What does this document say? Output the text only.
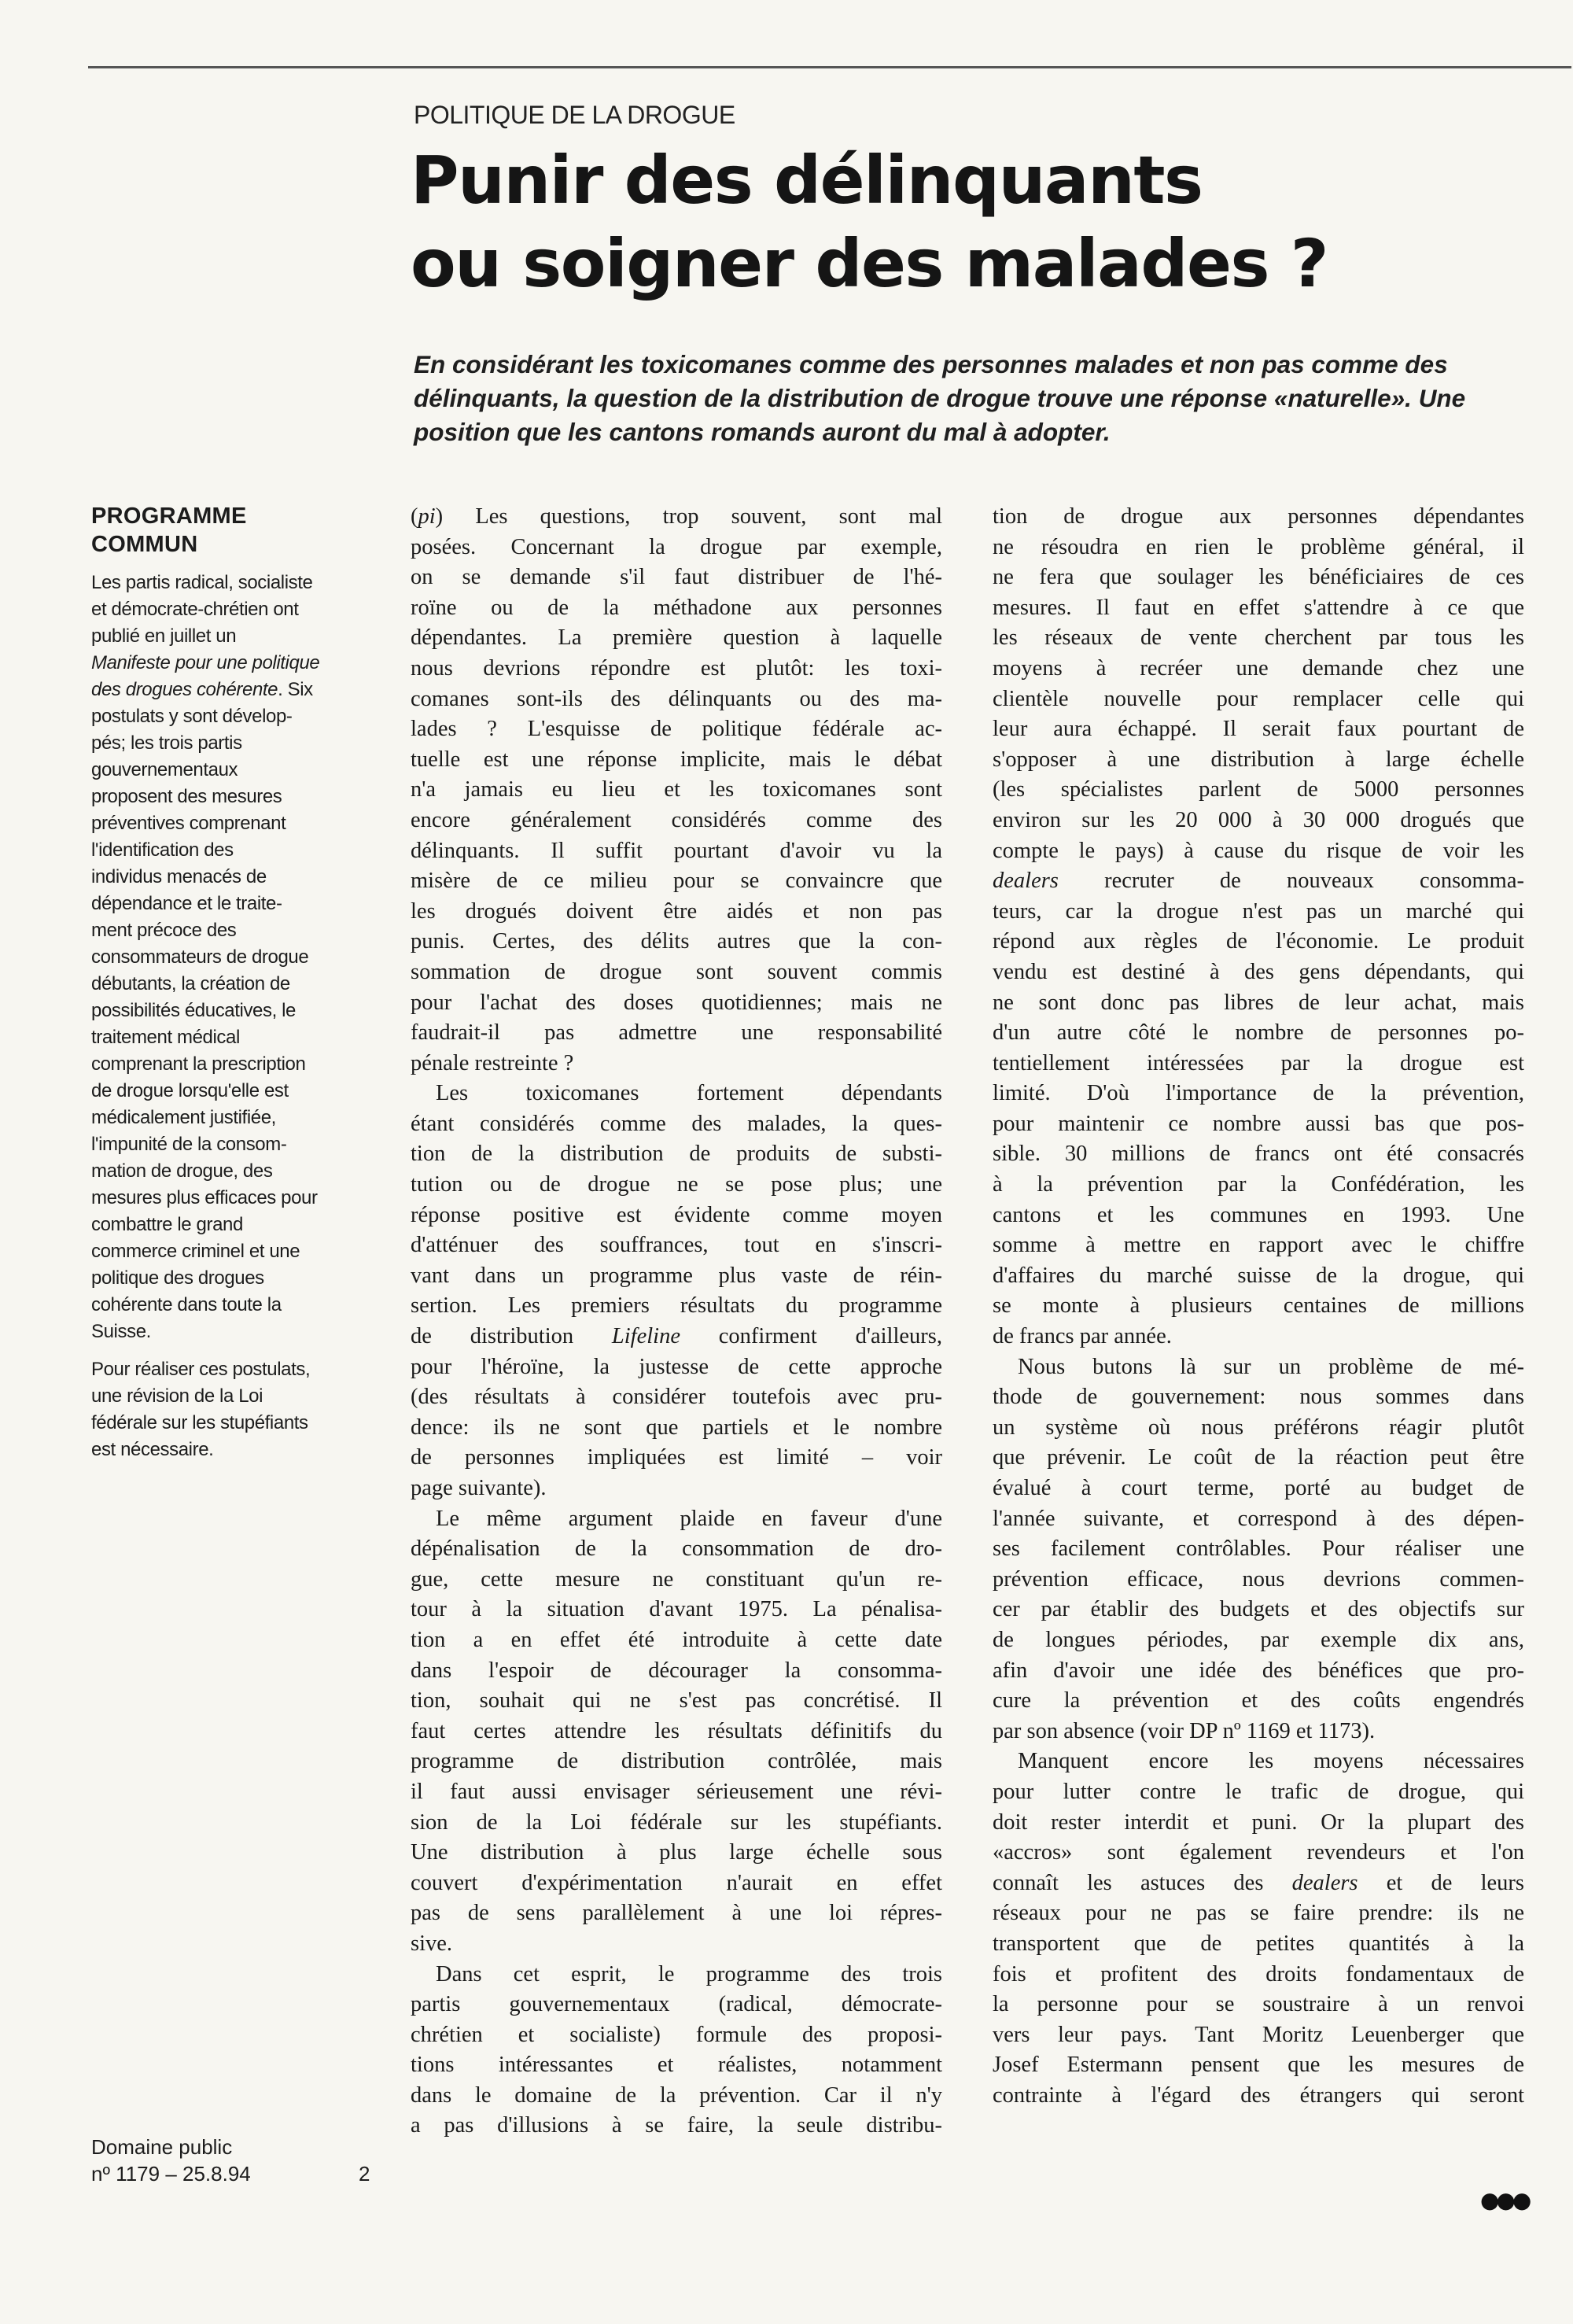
POLITIQUE DE LA DROGUE
Punir des délinquants
ou soigner des malades ?

En considérant les toxicomanes comme des personnes malades et non pas comme des
délinquants, la question de la distribution de drogue trouve une réponse «naturelle». Une
position que les cantons romands auront du mal à adopter.

PROGRAMME
COMMUN

Les partis radical, socialiste
et démocrate-chrétien ont
publié en juillet un
Manifeste pour une politique
des drogues cohérente. Six
postulats y sont dévelop-
pés; les trois partis
gouvernementaux
proposent des mesures
préventives comprenant
l'identification des
individus menacés de
dépendance et le traite-
ment précoce des
consommateurs de drogue
débutants, la création de
possibilités éducatives, le
traitement médical
comprenant la prescription
de drogue lorsqu'elle est
médicalement justifiée,
l'impunité de la consom-
mation de drogue, des
mesures plus efficaces pour
combattre le grand
commerce criminel et une
politique des drogues
cohérente dans toute la
Suisse.

Pour réaliser ces postulats,
une révision de la Loi
fédérale sur les stupéfiants
est nécessaire.

Domaine public
nº 1179 – 25.8.94	2
(pi) Les questions, trop souvent, sont mal
posées. Concernant la drogue par exemple,
on se demande s'il faut distribuer de l'hé-
roïne ou de la méthadone aux personnes
dépendantes. La première question à laquelle
nous devrions répondre est plutôt: les toxi-
comanes sont-ils des délinquants ou des ma-
lades ? L'esquisse de politique fédérale ac-
tuelle est une réponse implicite, mais le débat
n'a jamais eu lieu et les toxicomanes sont
encore généralement considérés comme des
délinquants. Il suffit pourtant d'avoir vu la
misère de ce milieu pour se convaincre que
les drogués doivent être aidés et non pas
punis. Certes, des délits autres que la con-
sommation de drogue sont souvent commis
pour l'achat des doses quotidiennes; mais ne
faudrait-il pas admettre une responsabilité
pénale restreinte ?
Les toxicomanes fortement dépendants
étant considérés comme des malades, la ques-
tion de la distribution de produits de substi-
tution ou de drogue ne se pose plus; une
réponse positive est évidente comme moyen
d'atténuer des souffrances, tout en s'inscri-
vant dans un programme plus vaste de réin-
sertion. Les premiers résultats du programme
de distribution Lifeline confirment d'ailleurs,
pour l'héroïne, la justesse de cette approche
(des résultats à considérer toutefois avec pru-
dence: ils ne sont que partiels et le nombre
de personnes impliquées est limité – voir
page suivante).
Le même argument plaide en faveur d'une
dépénalisation de la consommation de dro-
gue, cette mesure ne constituant qu'un re-
tour à la situation d'avant 1975. La pénalisa-
tion a en effet été introduite à cette date
dans l'espoir de décourager la consomma-
tion, souhait qui ne s'est pas concrétisé. Il
faut certes attendre les résultats définitifs du
programme de distribution contrôlée, mais
il faut aussi envisager sérieusement une révi-
sion de la Loi fédérale sur les stupéfiants.
Une distribution à plus large échelle sous
couvert d'expérimentation n'aurait en effet
pas de sens parallèlement à une loi répres-
sive.
Dans cet esprit, le programme des trois
partis gouvernementaux (radical, démocrate-
chrétien et socialiste) formule des proposi-
tions intéressantes et réalistes, notamment
dans le domaine de la prévention. Car il n'y
a pas d'illusions à se faire, la seule distribu-
tion de drogue aux personnes dépendantes
ne résoudra en rien le problème général, il
ne fera que soulager les bénéficiaires de ces
mesures. Il faut en effet s'attendre à ce que
les réseaux de vente cherchent par tous les
moyens à recréer une demande chez une
clientèle nouvelle pour remplacer celle qui
leur aura échappé. Il serait faux pourtant de
s'opposer à une distribution à large échelle
(les spécialistes parlent de 5000 personnes
environ sur les 20 000 à 30 000 drogués que
compte le pays) à cause du risque de voir les
dealers recruter de nouveaux consomma-
teurs, car la drogue n'est pas un marché qui
répond aux règles de l'économie. Le produit
vendu est destiné à des gens dépendants, qui
ne sont donc pas libres de leur achat, mais
d'un autre côté le nombre de personnes po-
tentiellement intéressées par la drogue est
limité. D'où l'importance de la prévention,
pour maintenir ce nombre aussi bas que pos-
sible. 30 millions de francs ont été consacrés
à la prévention par la Confédération, les
cantons et les communes en 1993. Une
somme à mettre en rapport avec le chiffre
d'affaires du marché suisse de la drogue, qui
se monte à plusieurs centaines de millions
de francs par année.
Nous butons là sur un problème de mé-
thode de gouvernement: nous sommes dans
un système où nous préférons réagir plutôt
que prévenir. Le coût de la réaction peut être
évalué à court terme, porté au budget de
l'année suivante, et correspond à des dépen-
ses facilement contrôlables. Pour réaliser une
prévention efficace, nous devrions commen-
cer par établir des budgets et des objectifs sur
de longues périodes, par exemple dix ans,
afin d'avoir une idée des bénéfices que pro-
cure la prévention et des coûts engendrés
par son absence (voir DP nº 1169 et 1173).
Manquent encore les moyens nécessaires
pour lutter contre le trafic de drogue, qui
doit rester interdit et puni. Or la plupart des
«accros» sont également revendeurs et l'on
connaît les astuces des dealers et de leurs
réseaux pour ne pas se faire prendre: ils ne
transportent que de petites quantités à la
fois et profitent des droits fondamentaux de
la personne pour se soustraire à un renvoi
vers leur pays. Tant Moritz Leuenberger que
Josef Estermann pensent que les mesures de
contrainte à l'égard des étrangers qui seront
●●●
